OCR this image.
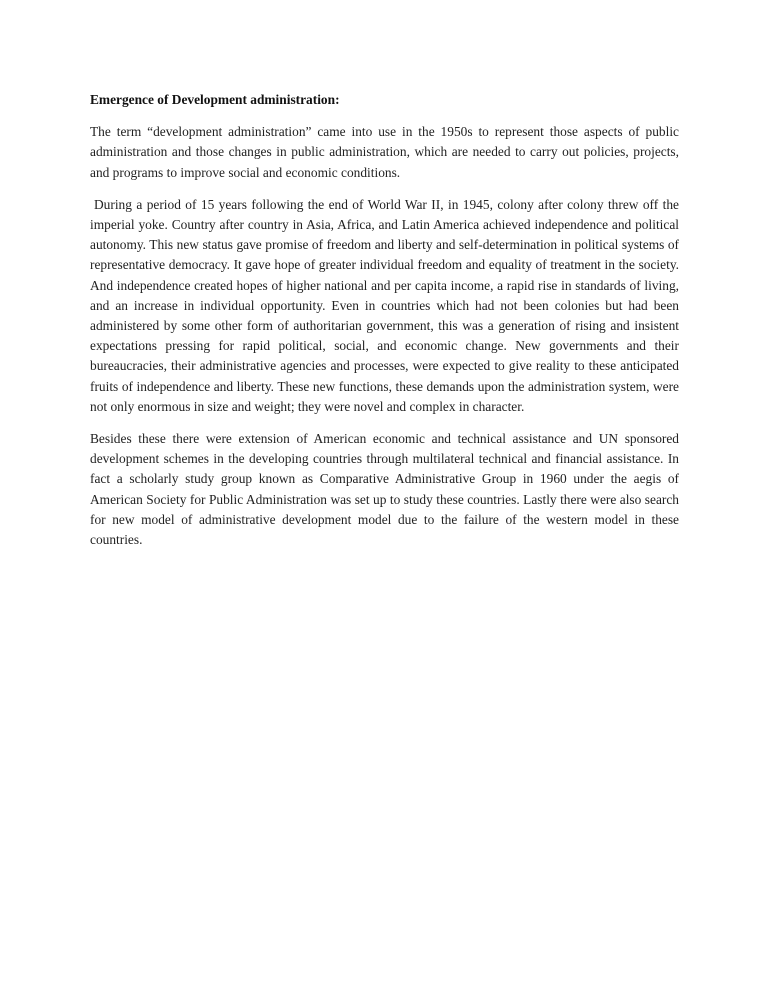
Emergence of Development administration:

The term “development administration” came into use in the 1950s to represent those aspects of public administration and those changes in public administration, which are needed to carry out policies, projects, and programs to improve social and economic conditions.

During a period of 15 years following the end of World War II, in 1945, colony after colony threw off the imperial yoke. Country after country in Asia, Africa, and Latin America achieved independence and political autonomy. This new status gave promise of freedom and liberty and self-determination in political systems of representative democracy. It gave hope of greater individual freedom and equality of treatment in the society. And independence created hopes of higher national and per capita income, a rapid rise in standards of living, and an increase in individual opportunity. Even in countries which had not been colonies but had been administered by some other form of authoritarian government, this was a generation of rising and insistent expectations pressing for rapid political, social, and economic change. New governments and their bureaucracies, their administrative agencies and processes, were expected to give reality to these anticipated fruits of independence and liberty. These new functions, these demands upon the administration system, were not only enormous in size and weight; they were novel and complex in character.

Besides these there were extension of American economic and technical assistance and UN sponsored development schemes in the developing countries through multilateral technical and financial assistance. In fact a scholarly study group known as Comparative Administrative Group in 1960 under the aegis of American Society for Public Administration was set up to study these countries. Lastly there were also search for new model of administrative development model due to the failure of the western model in these countries.
